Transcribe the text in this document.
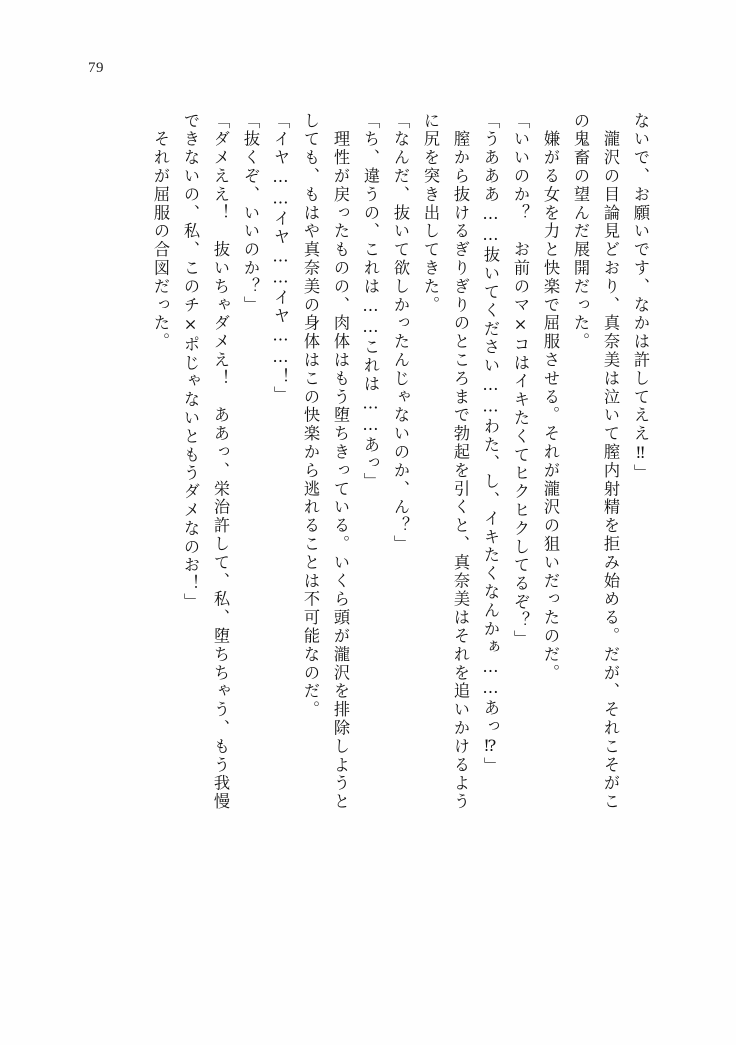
79
ないで、お願いです、なかは許してええ‼」
　瀧沢の目論見どおり、真奈美は泣いて膣内射精を拒み始める。だが、それこそがこ
の鬼畜の望んだ展開だった。
　嫌がる女を力と快楽で屈服させる。それが瀧沢の狙いだったのだ。
「いいのか？　お前のマ×コはイキたくてヒクヒクしてるぞ？」
「うあああ……抜いてください……わた、し、イキたくなんかぁ……あっ⁉」
　膣から抜けるぎりぎりのところまで勃起を引くと、真奈美はそれを追いかけるよう
に尻を突き出してきた。
「なんだ、抜いて欲しかったんじゃないのか、ん？」
「ち、違うの、これは……これは……あっ」
　理性が戻ったものの、肉体はもう堕ちきっている。いくら頭が瀧沢を排除しようと
しても、もはや真奈美の身体はこの快楽から逃れることは不可能なのだ。
「イヤ……イヤ……イヤ……！」
「抜くぞ、いいのか？」
「ダメええ！　抜いちゃダメえ！　ああっ、栄治許して、私、堕ちちゃう、もう我慢
できないの、私、このチ×ポじゃないともうダメなのお！」
　それが屈服の合図だった。
